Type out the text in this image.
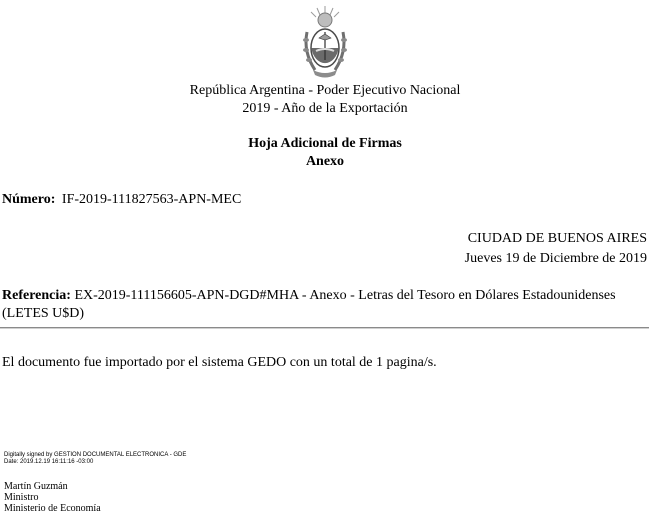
República Argentina - Poder Ejecutivo Nacional
2019 - Año de la Exportación
Hoja Adicional de Firmas
Anexo
Número: IF-2019-111827563-APN-MEC
CIUDAD DE BUENOS AIRES
Jueves 19 de Diciembre de 2019
Referencia: EX-2019-111156605-APN-DGD#MHA - Anexo - Letras del Tesoro en Dólares Estadounidenses
(LETES U$D)
El documento fue importado por el sistema GEDO con un total de 1 pagina/s.
Digitally signed by GESTION DOCUMENTAL ELECTRONICA - GDE
Date: 2019.12.19 16:11:16 -03:00
Martín Guzmán
Ministro
Ministerio de Economía
